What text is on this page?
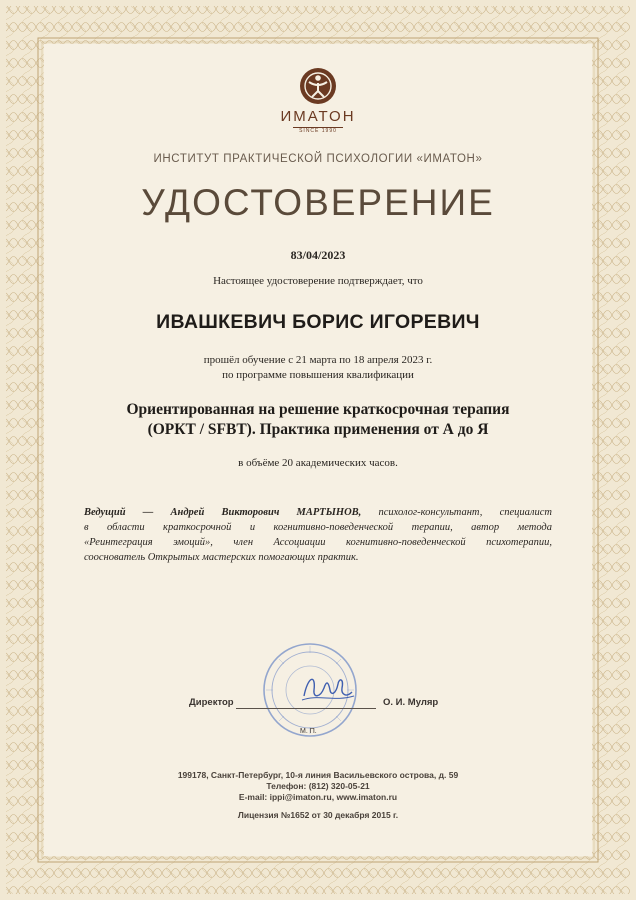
ИМАТОН
SINCE 1990
ИНСТИТУТ ПРАКТИЧЕСКОЙ ПСИХОЛОГИИ «ИМАТОН»
УДОСТОВЕРЕНИЕ
83/04/2023
Настоящее удостоверение подтверждает, что
ИВАШКЕВИЧ БОРИС ИГОРЕВИЧ
прошёл обучение с 21 марта по 18 апреля 2023 г.
по программе повышения квалификации
Ориентированная на решение краткосрочная терапия
(ОРКТ / SFBT). Практика применения от А до Я
в объёме 20 академических часов.
Ведущий — Андрей Викторович МАРТЫНОВ, психолог-консультант, специалист
в области краткосрочной и когнитивно-поведенческой терапии, автор метода
«Реинтеграция эмоций», член Ассоциации когнитивно-поведенческой психотерапии,
сооснователь Открытых мастерских помогающих практик.
Директор	О. И. Муляр
М. П.
199178, Санкт-Петербург, 10-я линия Васильевского острова, д. 59
Телефон: (812) 320-05-21
E-mail: ippi@imaton.ru, www.imaton.ru
Лицензия №1652 от 30 декабря 2015 г.
